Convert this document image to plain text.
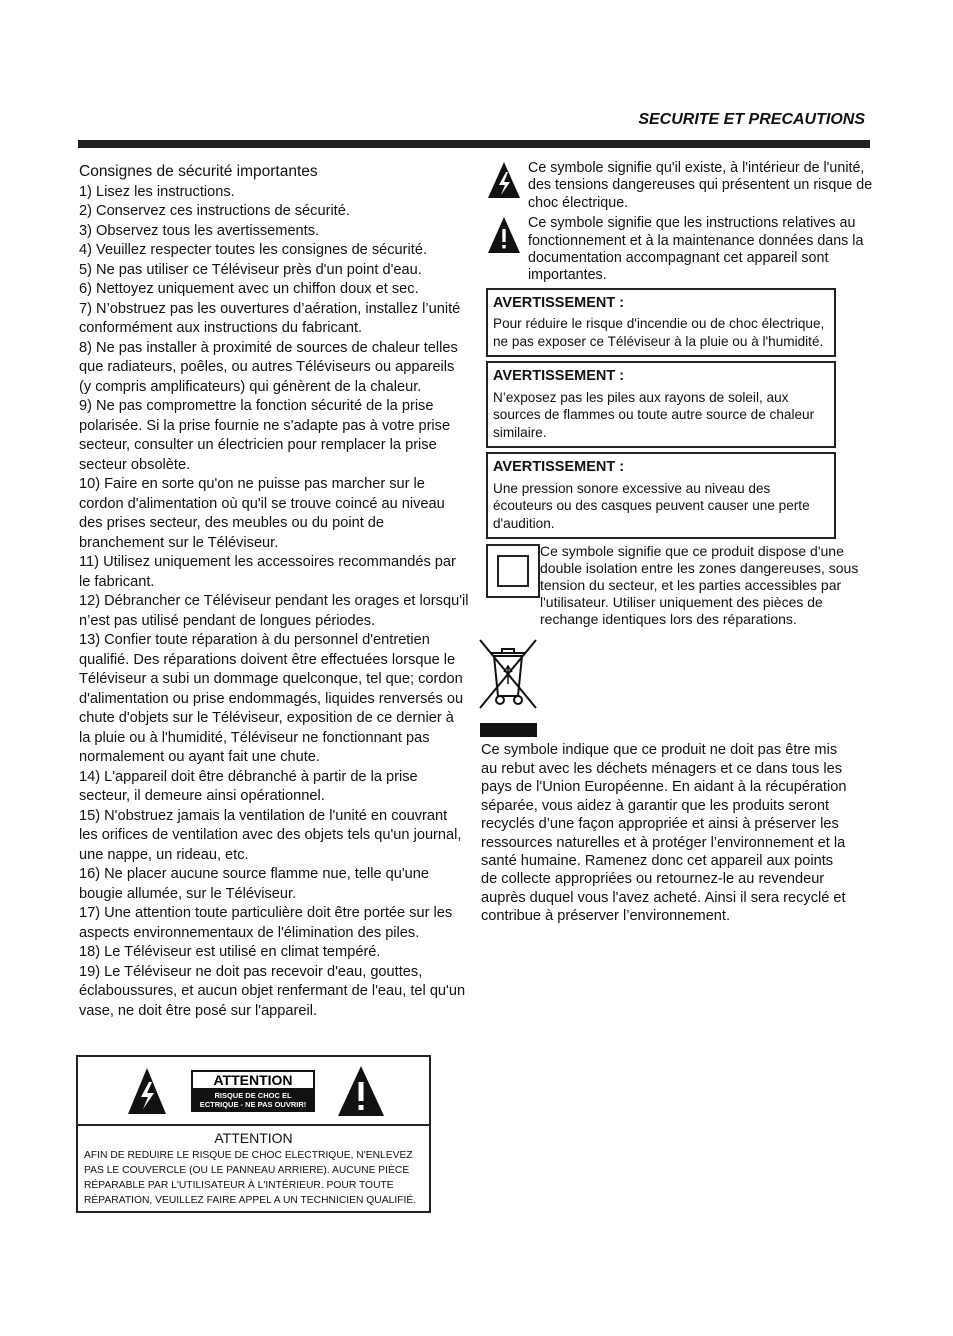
SECURITE ET PRECAUTIONS
Consignes de sécurité importantes

1) Lisez les instructions.

2) Conservez ces instructions de sécurité.

3) Observez tous les avertissements.

4) Veuillez respecter toutes les consignes de sécurité.

5) Ne pas utiliser ce Téléviseur près d'un point d'eau.

6) Nettoyez uniquement avec un chiffon doux et sec.

7) N’obstruez pas les ouvertures d’aération, installez l’unité conformément aux instructions du fabricant.

8) Ne pas installer à proximité de sources de chaleur telles que radiateurs, poêles, ou autres Téléviseurs ou appareils (y compris amplificateurs) qui génèrent de la chaleur.

9) Ne pas compromettre la fonction sécurité de la prise polarisée. Si la prise fournie ne s'adapte pas à votre prise secteur, consulter un électricien pour remplacer la prise secteur obsolète.

10) Faire en sorte qu'on ne puisse pas marcher sur le cordon d'alimentation où qu'il se trouve coincé au niveau des prises secteur, des meubles ou du point de branchement sur le Téléviseur.

11) Utilisez uniquement les accessoires recommandés par le fabricant.

12) Débrancher ce Téléviseur pendant les orages et lorsqu'il n’est pas utilisé pendant de longues périodes.

13) Confier toute réparation à du personnel d'entretien qualifié. Des réparations doivent être effectuées lorsque le Téléviseur a subi un dommage quelconque, tel que; cordon d'alimentation ou prise endommagés, liquides renversés ou chute d'objets sur le Téléviseur, exposition de ce dernier à la pluie ou à l'humidité, Téléviseur ne fonctionnant pas normalement ou ayant fait une chute.

14) L'appareil doit être débranché à partir de la prise secteur, il demeure ainsi opérationnel.

15) N'obstruez jamais la ventilation de l'unité en couvrant les orifices de ventilation avec des objets tels qu'un journal, une nappe, un rideau, etc.

16) Ne placer aucune source flamme nue, telle qu'une bougie allumée, sur le Téléviseur.

17) Une attention toute particulière doit être portée sur les aspects environnementaux de l'élimination des piles.

18) Le Téléviseur est utilisé en climat tempéré.

19) Le Téléviseur ne doit pas recevoir d'eau, gouttes, éclaboussures, et aucun objet renfermant de l'eau, tel qu'un vase, ne doit être posé sur l'appareil.

Ce symbole signifie qu'il existe, à l'intérieur de l'unité, des tensions dangereuses qui présentent un risque de choc électrique.
Ce symbole signifie que les instructions relatives au fonctionnement et à la maintenance données dans la documentation accompagnant cet appareil sont importantes.
AVERTISSEMENT :
Pour réduire le risque d'incendie ou de choc électrique, ne pas exposer ce Téléviseur à la pluie ou à l'humidité.
AVERTISSEMENT :
N’exposez pas les piles aux rayons de soleil, aux sources de flammes ou toute autre source de chaleur similaire.
AVERTISSEMENT :
Une pression sonore excessive au niveau des écouteurs ou des casques peuvent causer une perte d'audition.
Ce symbole signifie que ce produit dispose d'une double isolation entre les zones dangereuses, sous tension du secteur, et les parties accessibles par l'utilisateur. Utiliser uniquement des pièces de rechange identiques lors des réparations.
Ce symbole indique que ce produit ne doit pas être mis au rebut avec les déchets ménagers et ce dans tous les pays de l'Union Européenne. En aidant à la récupération séparée, vous aidez à garantir que les produits seront recyclés d’une façon appropriée et ainsi à préserver les ressources naturelles et à protéger l’environnement et la santé humaine. Ramenez donc cet appareil aux points de collecte appropriées ou retournez-le au revendeur auprès duquel vous l'avez acheté. Ainsi il sera recyclé et contribue à préserver l’environnement.
ATTENTION
RISQUE DE CHOC EL
ECTRIQUE - NE PAS OUVRIR!
ATTENTION
AFIN DE REDUIRE LE RISQUE DE CHOC ELECTRIQUE, N'ENLEVEZ PAS LE COUVERCLE (OU LE PANNEAU ARRIERE). AUCUNE PIÈCE RÉPARABLE PAR L'UTILISATEUR À L'INTÉRIEUR. POUR TOUTE RÉPARATION, VEUILLEZ FAIRE APPEL A UN TECHNICIEN QUALIFIÉ.
